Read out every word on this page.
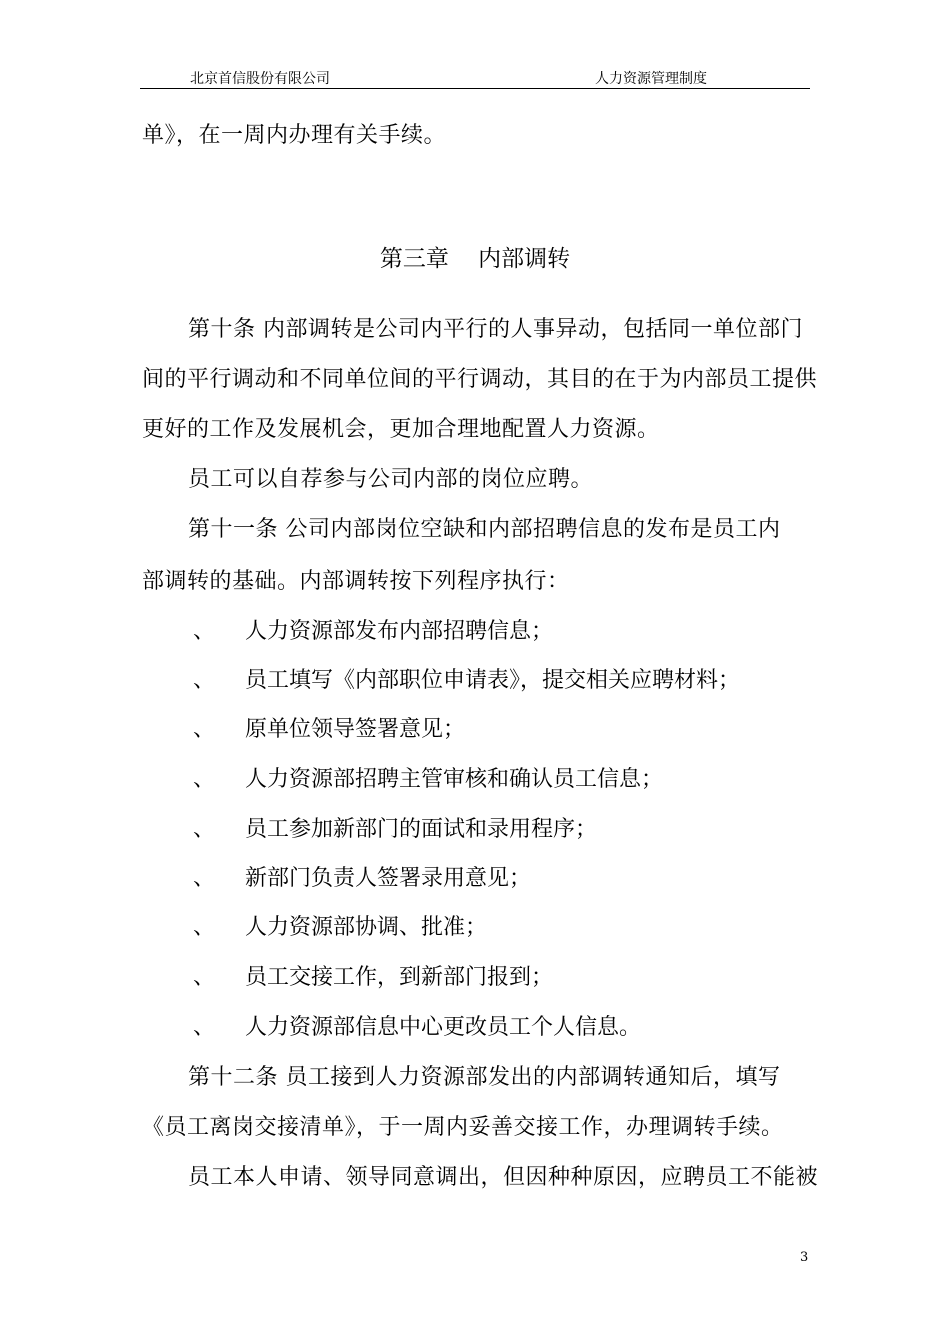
北京首信股份有限公司	人力资源管理制度
单》，在一周内办理有关手续。
第三章    内部调转
第十条 内部调转是公司内平行的人事异动，包括同一单位部门
间的平行调动和不同单位间的平行调动，其目的在于为内部员工提供
更好的工作及发展机会，更加合理地配置人力资源。
员工可以自荐参与公司内部的岗位应聘。
第十一条 公司内部岗位空缺和内部招聘信息的发布是员工内
部调转的基础。内部调转按下列程序执行：
、 人力资源部发布内部招聘信息；
、 员工填写《内部职位申请表》，提交相关应聘材料；
、 原单位领导签署意见；
、 人力资源部招聘主管审核和确认员工信息；
、 员工参加新部门的面试和录用程序；
、 新部门负责人签署录用意见；
、 人力资源部协调、批准；
、 员工交接工作，到新部门报到；
、 人力资源部信息中心更改员工个人信息。
第十二条 员工接到人力资源部发出的内部调转通知后，填写
《员工离岗交接清单》，于一周内妥善交接工作，办理调转手续。
员工本人申请、领导同意调出，但因种种原因，应聘员工不能被
3
